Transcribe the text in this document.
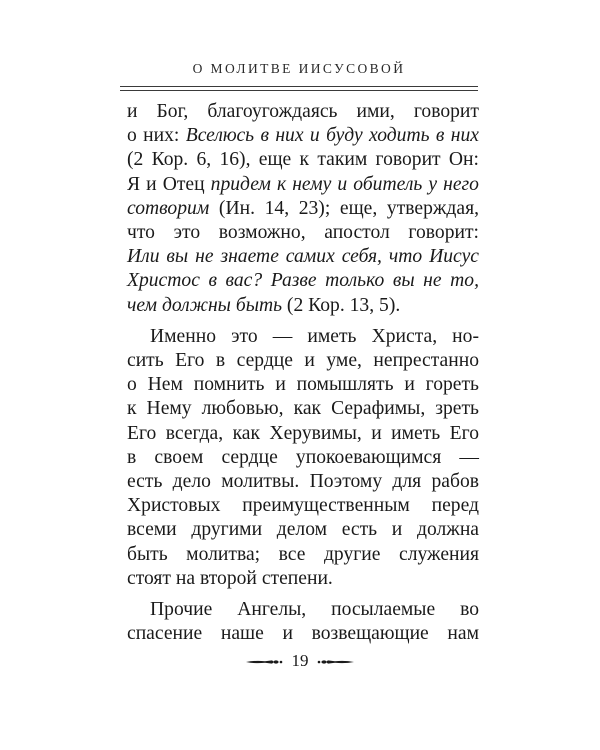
О МОЛИТВЕ ИИСУСОВОЙ
и Бог, благоугождаясь ими, говорит
о них: Вселюсь в них и буду ходить в них
(2 Кор. 6, 16), еще к таким говорит Он:
Я и Отец придем к нему и обитель у него
сотворим (Ин. 14, 23); еще, утверждая,
что это возможно, апостол говорит:
Или вы не знаете самих себя, что Иисус
Христос в вас? Разве только вы не то,
чем должны быть (2 Кор. 13, 5).
Именно это — иметь Христа, но-
сить Его в сердце и уме, непрестанно
о Нем помнить и помышлять и гореть
к Нему любовью, как Серафимы, зреть
Его всегда, как Херувимы, и иметь Его
в своем сердце упокоевающимся —
есть дело молитвы. Поэтому для рабов
Христовых преимущественным перед
всеми другими делом есть и должна
быть молитва; все другие служения
стоят на второй степени.
Прочие Ангелы, посылаемые во
спасение наше и возвещающие нам
19
